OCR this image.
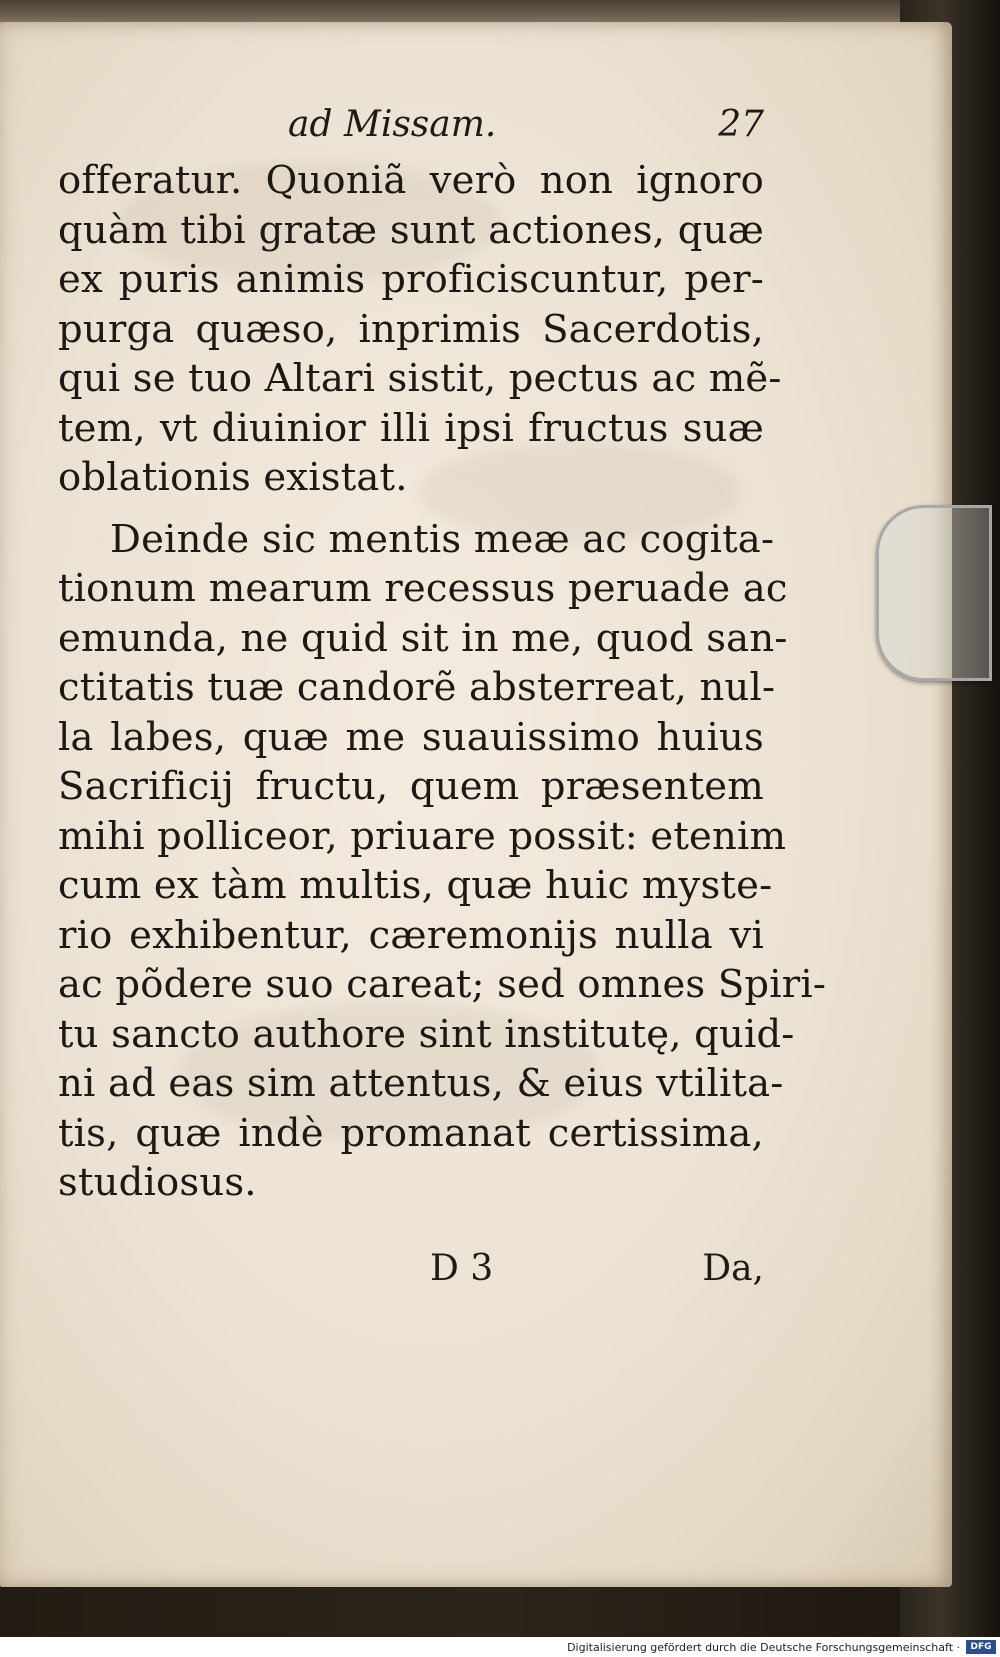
ad Missam.	27
offeratur. Quoniã verò non ignoro
quàm tibi gratæ sunt actiones, quæ
ex puris animis proficiscuntur, per-
purga quæso, inprimis Sacerdotis,
qui se tuo Altari sistit, pectus ac mẽ-
tem, vt diuinior illi ipsi fructus suæ
oblationis existat.
Deinde sic mentis meæ ac cogita-
tionum mearum recessus peruade ac
emunda, ne quid sit in me, quod san-
ctitatis tuæ candorẽ absterreat, nul-
la labes, quæ me suauissimo huius
Sacrificij fructu, quem præsentem
mihi polliceor, priuare possit: etenim
cum ex tàm multis, quæ huic myste-
rio exhibentur, cæremonijs nulla vi
ac põdere suo careat; sed omnes Spiri-
tu sancto authore sint institutę, quid-
ni ad eas sim attentus, & eius vtilita-
tis, quæ indè promanat certissima,
studiosus.
D 3	Da,
Digitalisierung gefördert durch die Deutsche Forschungsgemeinschaft ·	DFG
